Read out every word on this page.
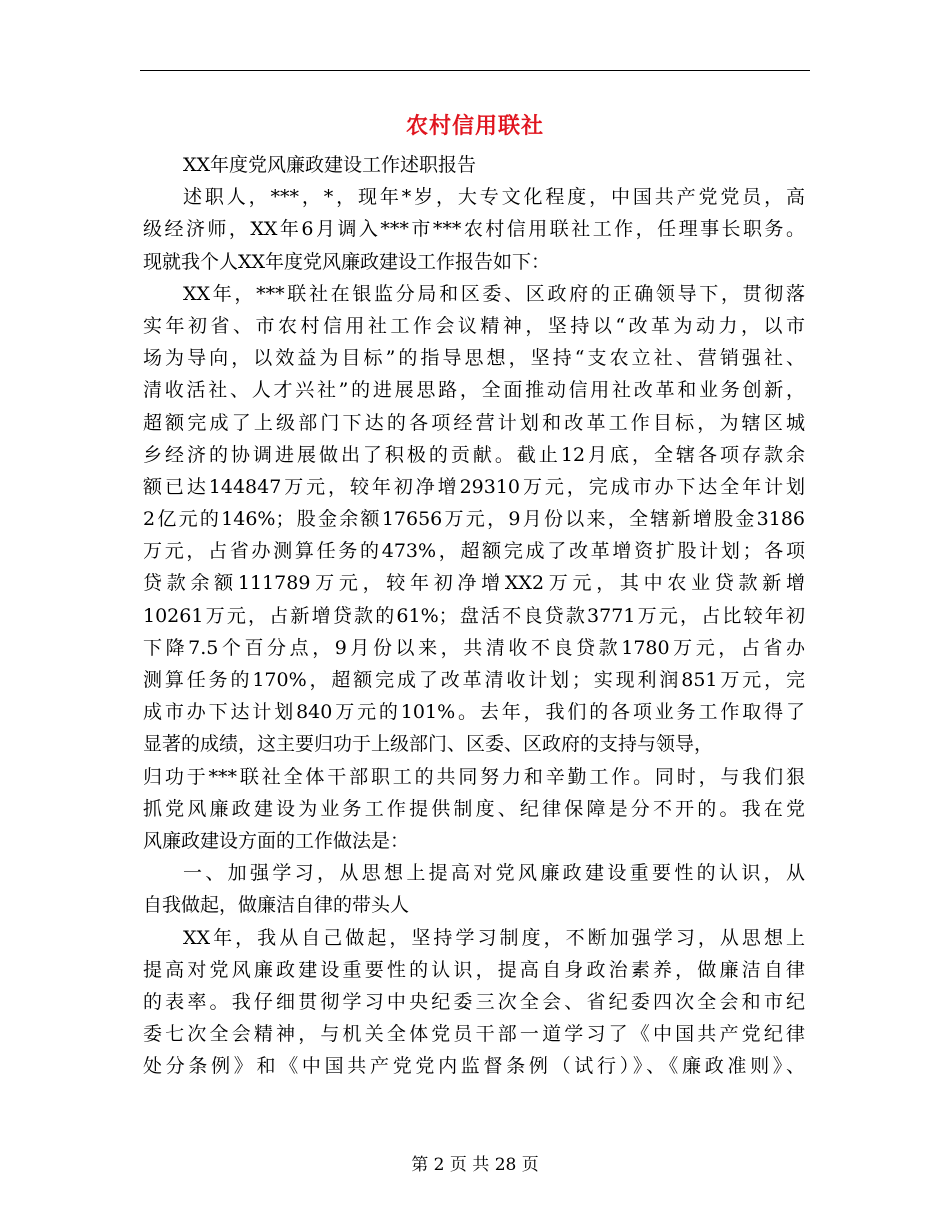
农村信用联社
XX年度党风廉政建设工作述职报告
述职人，***，*，现年*岁，大专文化程度，中国共产党党员，高
级经济师，XX年6月调入***市***农村信用联社工作，任理事长职务。
现就我个人XX年度党风廉政建设工作报告如下：
XX年，***联社在银监分局和区委、区政府的正确领导下，贯彻落
实年初省、市农村信用社工作会议精神，坚持以“改革为动力，以市
场为导向，以效益为目标”的指导思想，坚持“支农立社、营销强社、
清收活社、人才兴社”的进展思路，全面推动信用社改革和业务创新，
超额完成了上级部门下达的各项经营计划和改革工作目标，为辖区城
乡经济的协调进展做出了积极的贡献。截止12月底，全辖各项存款余
额已达144847万元，较年初净增29310万元，完成市办下达全年计划
2亿元的146%；股金余额17656万元，9月份以来，全辖新增股金3186
万元，占省办测算任务的473%，超额完成了改革增资扩股计划；各项
贷款余额111789万元，较年初净增XX2万元，其中农业贷款新增
10261万元，占新增贷款的61%；盘活不良贷款3771万元，占比较年初
下降7.5个百分点，9月份以来，共清收不良贷款1780万元，占省办
测算任务的170%，超额完成了改革清收计划；实现利润851万元，完
成市办下达计划840万元的101%。去年，我们的各项业务工作取得了
显著的成绩，这主要归功于上级部门、区委、区政府的支持与领导，
归功于***联社全体干部职工的共同努力和辛勤工作。同时，与我们狠
抓党风廉政建设为业务工作提供制度、纪律保障是分不开的。我在党
风廉政建设方面的工作做法是：
一、加强学习，从思想上提高对党风廉政建设重要性的认识，从
自我做起，做廉洁自律的带头人
XX年，我从自己做起，坚持学习制度，不断加强学习，从思想上
提高对党风廉政建设重要性的认识，提高自身政治素养，做廉洁自律
的表率。我仔细贯彻学习中央纪委三次全会、省纪委四次全会和市纪
委七次全会精神，与机关全体党员干部一道学习了《中国共产党纪律
处分条例》和《中国共产党党内监督条例（试行）》、《廉政准则》、
第 2 页 共 28 页
